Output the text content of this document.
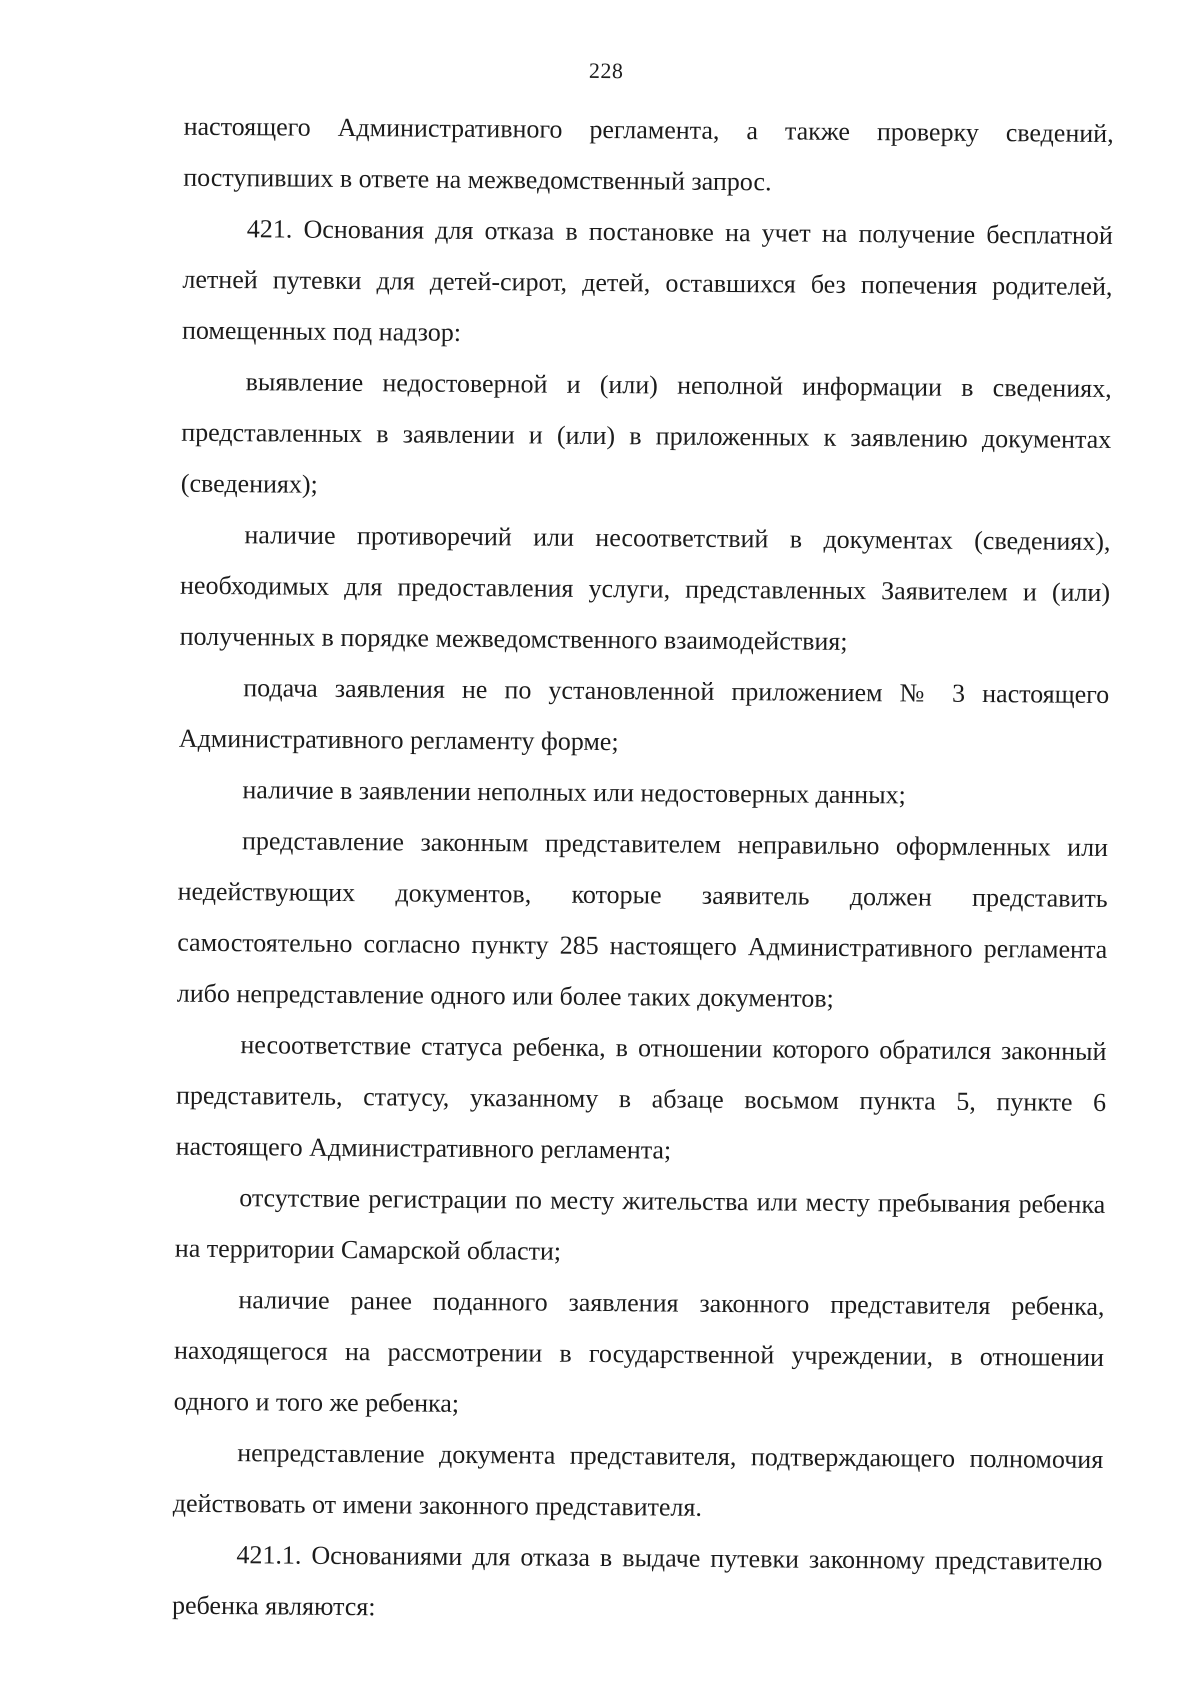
228

настоящего Административного регламента, а также проверку сведений, поступивших в ответе на межведомственный запрос.

421. Основания для отказа в постановке на учет на получение бесплатной летней путевки для детей-сирот, детей, оставшихся без попечения родителей, помещенных под надзор:

выявление недостоверной и (или) неполной информации в сведениях, представленных в заявлении и (или) в приложенных к заявлению документах (сведениях);

наличие противоречий или несоответствий в документах (сведениях), необходимых для предоставления услуги, представленных Заявителем и (или) полученных в порядке межведомственного взаимодействия;

подача заявления не по установленной приложением № 3 настоящего Административного регламенту форме;

наличие в заявлении неполных или недостоверных данных;

представление законным представителем неправильно оформленных или недействующих документов, которые заявитель должен представить самостоятельно согласно пункту 285 настоящего Административного регламента либо непредставление одного или более таких документов;

несоответствие статуса ребенка, в отношении которого обратился законный представитель, статусу, указанному в абзаце восьмом пункта 5, пункте 6 настоящего Административного регламента;

отсутствие регистрации по месту жительства или месту пребывания ребенка на территории Самарской области;

наличие ранее поданного заявления законного представителя ребенка, находящегося на рассмотрении в государственной учреждении, в отношении одного и того же ребенка;

непредставление документа представителя, подтверждающего полномочия действовать от имени законного представителя.

421.1. Основаниями для отказа в выдаче путевки законному представителю ребенка являются:
